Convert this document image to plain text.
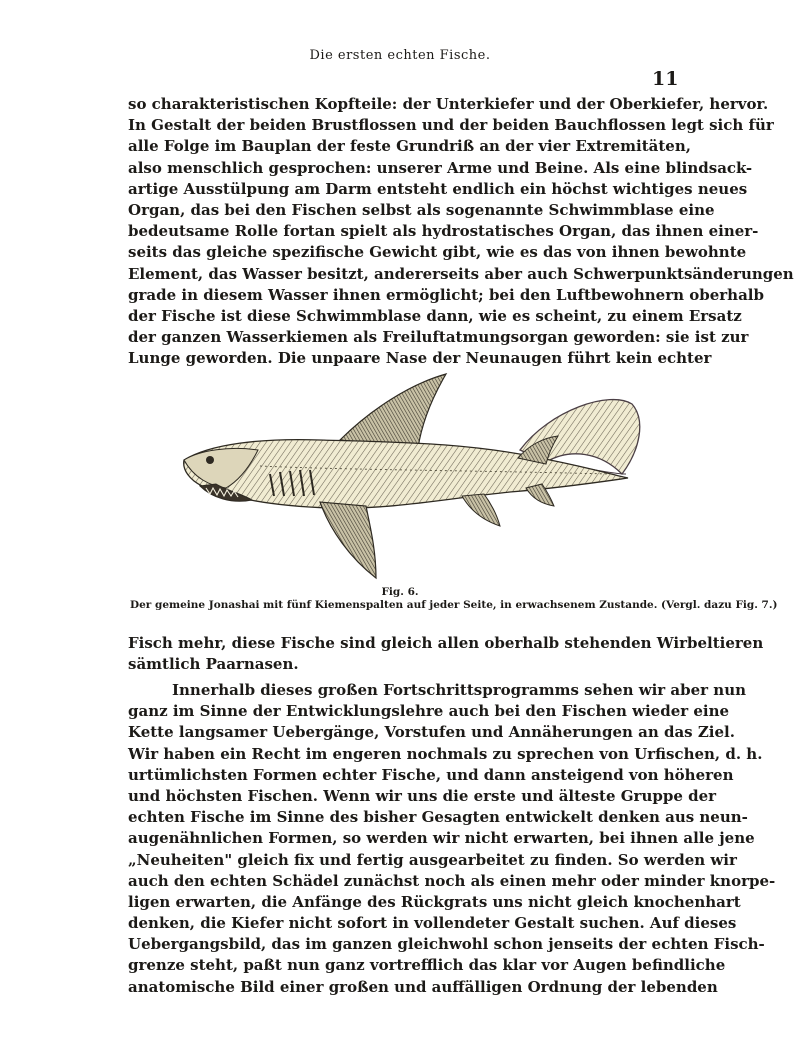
Die ersten echten Fische.
11
so charakteristischen Kopfteile: der Unterkiefer und der Oberkiefer, hervor.
In Gestalt der beiden Brustflossen und der beiden Bauchflossen legt sich für
alle Folge im Bauplan der feste Grundriß an der vier Extremitäten,
also menschlich gesprochen: unserer Arme und Beine. Als eine blindsack-
artige Ausstülpung am Darm entsteht endlich ein höchst wichtiges neues
Organ, das bei den Fischen selbst als sogenannte Schwimmblase eine
bedeutsame Rolle fortan spielt als hydrostatisches Organ, das ihnen einer-
seits das gleiche spezifische Gewicht gibt, wie es das von ihnen bewohnte
Element, das Wasser besitzt, andererseits aber auch Schwerpunktsänderungen
grade in diesem Wasser ihnen ermöglicht; bei den Luftbewohnern oberhalb
der Fische ist diese Schwimmblase dann, wie es scheint, zu einem Ersatz
der ganzen Wasserkiemen als Freiluftatmungsorgan geworden: sie ist zur
Lunge geworden. Die unpaare Nase der Neunaugen führt kein echter
Fig. 6.
Der gemeine Jonashai mit fünf Kiemenspalten auf jeder Seite, in erwachsenem Zustande. (Vergl. dazu Fig. 7.)
Fisch mehr, diese Fische sind gleich allen oberhalb stehenden Wirbeltieren
sämtlich Paarnasen.
Innerhalb dieses großen Fortschrittsprogramms sehen wir aber nun
ganz im Sinne der Entwicklungslehre auch bei den Fischen wieder eine
Kette langsamer Uebergänge, Vorstufen und Annäherungen an das Ziel.
Wir haben ein Recht im engeren nochmals zu sprechen von Urfischen, d. h.
urtümlichsten Formen echter Fische, und dann ansteigend von höheren
und höchsten Fischen. Wenn wir uns die erste und älteste Gruppe der
echten Fische im Sinne des bisher Gesagten entwickelt denken aus neun-
augenähnlichen Formen, so werden wir nicht erwarten, bei ihnen alle jene
„Neuheiten" gleich fix und fertig ausgearbeitet zu finden. So werden wir
auch den echten Schädel zunächst noch als einen mehr oder minder knorpe-
ligen erwarten, die Anfänge des Rückgrats uns nicht gleich knochenhart
denken, die Kiefer nicht sofort in vollendeter Gestalt suchen. Auf dieses
Uebergangsbild, das im ganzen gleichwohl schon jenseits der echten Fisch-
grenze steht, paßt nun ganz vortrefflich das klar vor Augen befindliche
anatomische Bild einer großen und auffälligen Ordnung der lebenden
